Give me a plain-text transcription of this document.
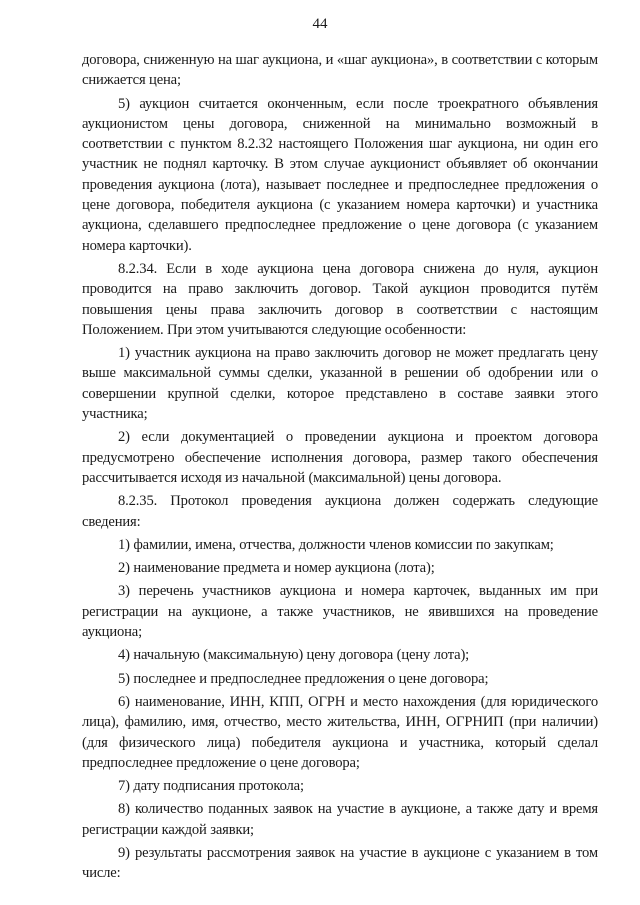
44

договора, сниженную на шаг аукциона, и «шаг аукциона», в соответствии с которым снижается цена;

5) аукцион считается оконченным, если после троекратного объявления аукционистом цены договора, сниженной на минимально возможный в соответствии с пунктом 8.2.32 настоящего Положения шаг аукциона, ни один его участник не поднял карточку. В этом случае аукционист объявляет об окончании проведения аукциона (лота), называет последнее и предпоследнее предложения о цене договора, победителя аукциона (с указанием номера карточки) и участника аукциона, сделавшего предпоследнее предложение о цене договора (с указанием номера карточки).

8.2.34. Если в ходе аукциона цена договора снижена до нуля, аукцион проводится на право заключить договор. Такой аукцион проводится путём повышения цены права заключить договор в соответствии с настоящим Положением. При этом учитываются следующие особенности:

1) участник аукциона на право заключить договор не может предлагать цену выше максимальной суммы сделки, указанной в решении об одобрении или о совершении крупной сделки, которое представлено в составе заявки этого участника;

2) если документацией о проведении аукциона и проектом договора предусмотрено обеспечение исполнения договора, размер такого обеспечения рассчитывается исходя из начальной (максимальной) цены договора.

8.2.35. Протокол проведения аукциона должен содержать следующие сведения:

1) фамилии, имена, отчества, должности членов комиссии по закупкам;

2) наименование предмета и номер аукциона (лота);

3) перечень участников аукциона и номера карточек, выданных им при регистрации на аукционе, а также участников, не явившихся на проведение аукциона;

4) начальную (максимальную) цену договора (цену лота);

5) последнее и предпоследнее предложения о цене договора;

6) наименование, ИНН, КПП, ОГРН и место нахождения (для юридического лица), фамилию, имя, отчество, место жительства, ИНН, ОГРНИП (при наличии) (для физического лица) победителя аукциона и участника, который сделал предпоследнее предложение о цене договора;

7) дату подписания протокола;

8) количество поданных заявок на участие в аукционе, а также дату и время регистрации каждой заявки;

9) результаты рассмотрения заявок на участие в аукционе с указанием в том числе:
